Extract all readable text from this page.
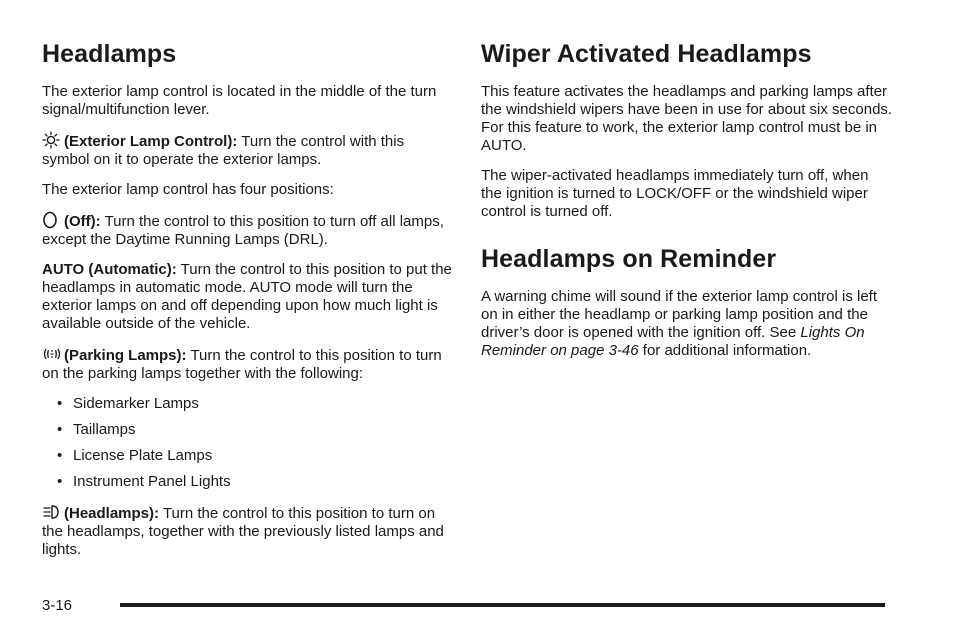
Headlamps

The exterior lamp control is located in the middle of the turn signal/multifunction lever.

(Exterior Lamp Control): Turn the control with this symbol on it to operate the exterior lamps.

The exterior lamp control has four positions:

(Off): Turn the control to this position to turn off all lamps, except the Daytime Running Lamps (DRL).

AUTO (Automatic): Turn the control to this position to put the headlamps in automatic mode. AUTO mode will turn the exterior lamps on and off depending upon how much light is available outside of the vehicle.

(Parking Lamps): Turn the control to this position to turn on the parking lamps together with the following:

• Sidemarker Lamps
• Taillamps
• License Plate Lamps
• Instrument Panel Lights

(Headlamps): Turn the control to this position to turn on the headlamps, together with the previously listed lamps and lights.

Wiper Activated Headlamps

This feature activates the headlamps and parking lamps after the windshield wipers have been in use for about six seconds. For this feature to work, the exterior lamp control must be in AUTO.

The wiper-activated headlamps immediately turn off, when the ignition is turned to LOCK/OFF or the windshield wiper control is turned off.

Headlamps on Reminder

A warning chime will sound if the exterior lamp control is left on in either the headlamp or parking lamp position and the driver’s door is opened with the ignition off. See Lights On Reminder on page 3-46 for additional information.

3-16
